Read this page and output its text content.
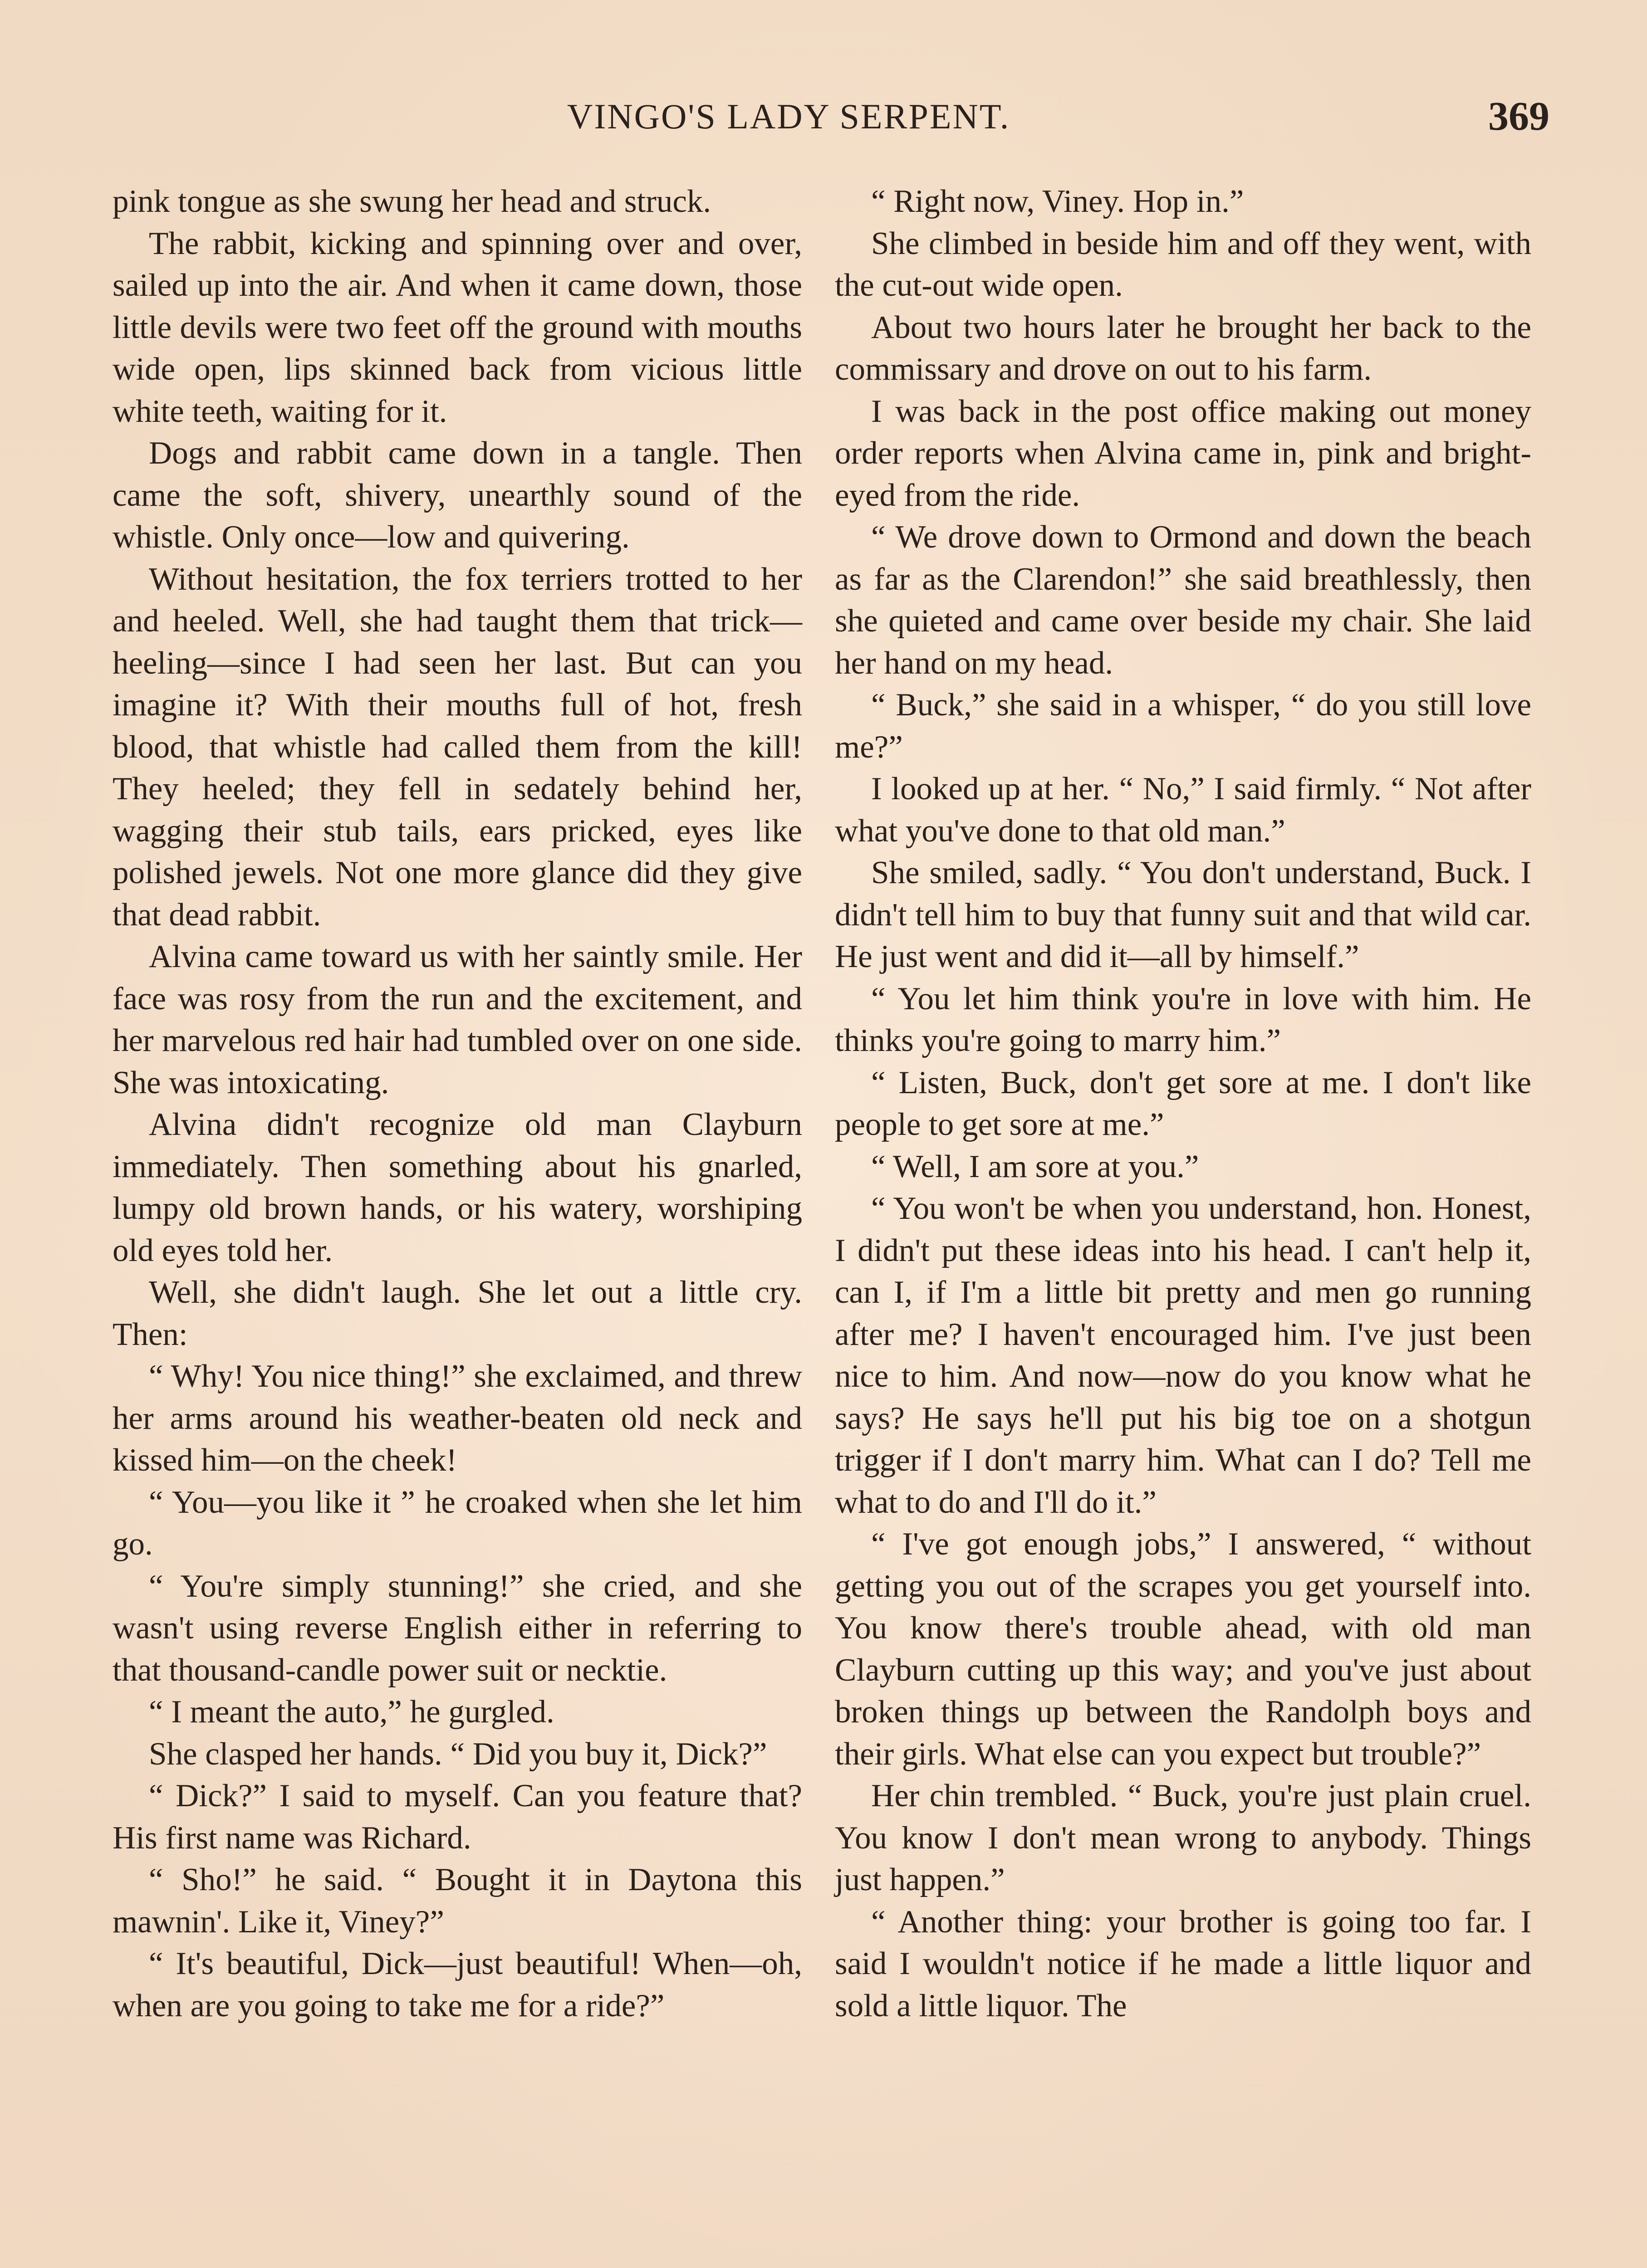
VINGO'S LADY SERPENT.	369

pink tongue as she swung her head and struck.

The rabbit, kicking and spinning over and over, sailed up into the air. And when it came down, those little devils were two feet off the ground with mouths wide open, lips skinned back from vicious little white teeth, waiting for it.

Dogs and rabbit came down in a tangle. Then came the soft, shivery, unearthly sound of the whistle. Only once—low and quivering.

Without hesitation, the fox terriers trotted to her and heeled. Well, she had taught them that trick—heeling—since I had seen her last. But can you imagine it? With their mouths full of hot, fresh blood, that whistle had called them from the kill! They heeled; they fell in sedately behind her, wagging their stub tails, ears pricked, eyes like polished jewels. Not one more glance did they give that dead rabbit.

Alvina came toward us with her saintly smile. Her face was rosy from the run and the excitement, and her marvelous red hair had tumbled over on one side. She was intoxicating.

Alvina didn't recognize old man Clayburn immediately. Then something about his gnarled, lumpy old brown hands, or his watery, worshiping old eyes told her.

Well, she didn't laugh. She let out a little cry. Then:

“ Why! You nice thing!” she exclaimed, and threw her arms around his weather-beaten old neck and kissed him—on the cheek!

“ You—you like it ” he croaked when she let him go.

“ You're simply stunning!” she cried, and she wasn't using reverse English either in referring to that thousand-candle power suit or necktie.

“ I meant the auto,” he gurgled.

She clasped her hands. “ Did you buy it, Dick?”

“ Dick?” I said to myself. Can you feature that? His first name was Richard.

“ Sho!” he said. “ Bought it in Daytona this mawnin'. Like it, Viney?”

“ It's beautiful, Dick—just beautiful! When—oh, when are you going to take me for a ride?”

“ Right now, Viney. Hop in.”

She climbed in beside him and off they went, with the cut-out wide open.

About two hours later he brought her back to the commissary and drove on out to his farm.

I was back in the post office making out money order reports when Alvina came in, pink and bright-eyed from the ride.

“ We drove down to Ormond and down the beach as far as the Clarendon!” she said breathlessly, then she quieted and came over beside my chair. She laid her hand on my head.

“ Buck,” she said in a whisper, “ do you still love me?”

I looked up at her. “ No,” I said firmly. “ Not after what you've done to that old man.”

She smiled, sadly. “ You don't understand, Buck. I didn't tell him to buy that funny suit and that wild car. He just went and did it—all by himself.”

“ You let him think you're in love with him. He thinks you're going to marry him.”

“ Listen, Buck, don't get sore at me. I don't like people to get sore at me.”

“ Well, I am sore at you.”

“ You won't be when you understand, hon. Honest, I didn't put these ideas into his head. I can't help it, can I, if I'm a little bit pretty and men go running after me? I haven't encouraged him. I've just been nice to him. And now—now do you know what he says? He says he'll put his big toe on a shotgun trigger if I don't marry him. What can I do? Tell me what to do and I'll do it.”

“ I've got enough jobs,” I answered, “ without getting you out of the scrapes you get yourself into. You know there's trouble ahead, with old man Clayburn cutting up this way; and you've just about broken things up between the Randolph boys and their girls. What else can you expect but trouble?”

Her chin trembled. “ Buck, you're just plain cruel. You know I don't mean wrong to anybody. Things just happen.”

“ Another thing: your brother is going too far. I said I wouldn't notice if he made a little liquor and sold a little liquor. The
